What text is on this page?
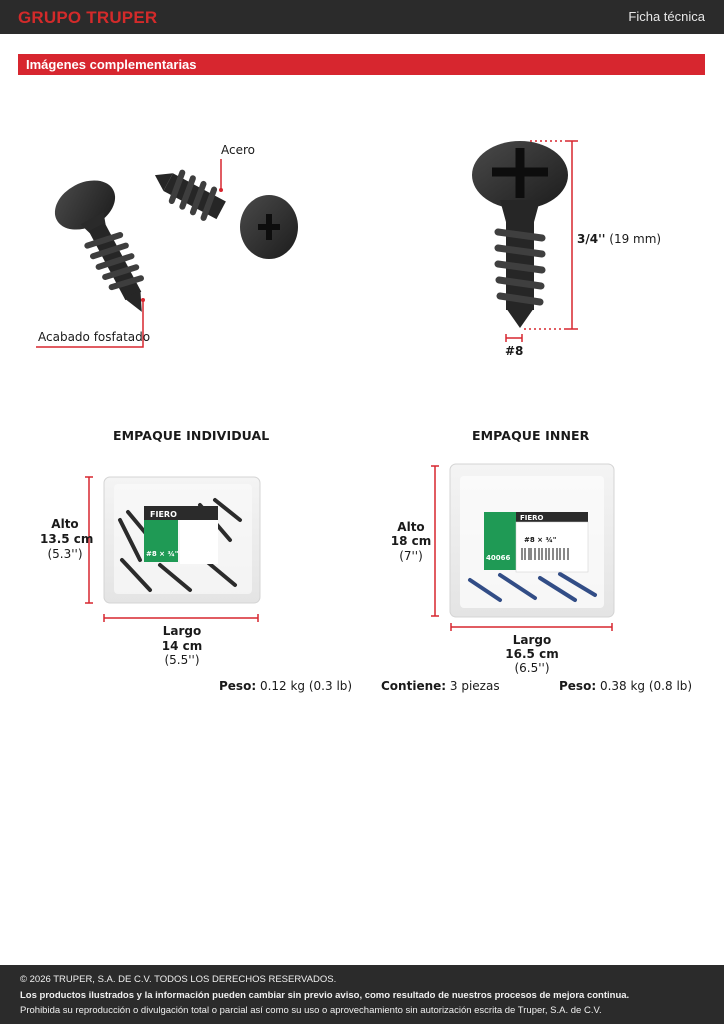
GRUPO TRUPER	Ficha técnica
Imágenes complementarias
FIERO
#8 × ¾"
FIERO
40066
#8 × ¾"
Acero
Acabado fosfatado
3/4'' (19 mm)
#8
EMPAQUE INDIVIDUAL
Alto
13.5 cm
(5.3'')
Largo
14 cm
(5.5'')
Peso: 0.12 kg (0.3 lb)
EMPAQUE INNER
Alto
18 cm
(7'')
Largo
16.5 cm
(6.5'')
Contiene: 3 piezas	Peso: 0.38 kg (0.8 lb)
© 2026 TRUPER, S.A. DE C.V. TODOS LOS DERECHOS RESERVADOS.
Los productos ilustrados y la información pueden cambiar sin previo aviso, como resultado de nuestros procesos de mejora continua.
Prohibida su reproducción o divulgación total o parcial así como su uso o aprovechamiento sin autorización escrita de Truper, S.A. de C.V.
